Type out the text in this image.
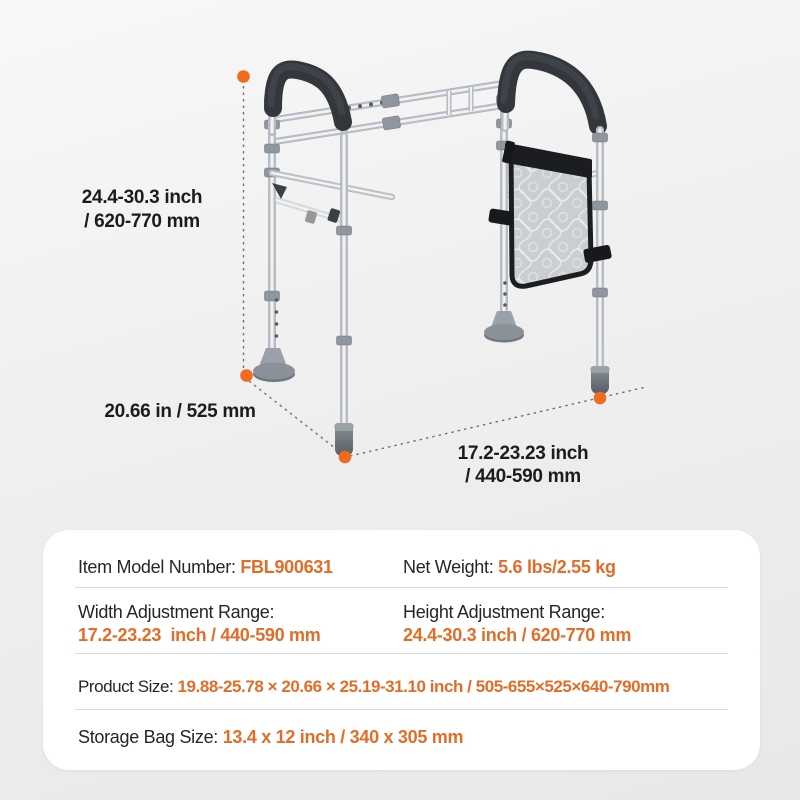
24.4-30.3 inch
/ 620-770 mm
20.66 in / 525 mm
17.2-23.23 inch
/ 440-590 mm
Item Model Number: FBL900631	Net Weight: 5.6 lbs/2.55 kg
Width Adjustment Range:
17.2-23.23  inch / 440-590 mm
Height Adjustment Range:
24.4-30.3 inch / 620-770 mm
Product Size: 19.88-25.78 × 20.66 × 25.19-31.10 inch / 505-655×525×640-790mm
Storage Bag Size: 13.4 x 12 inch / 340 x 305 mm
